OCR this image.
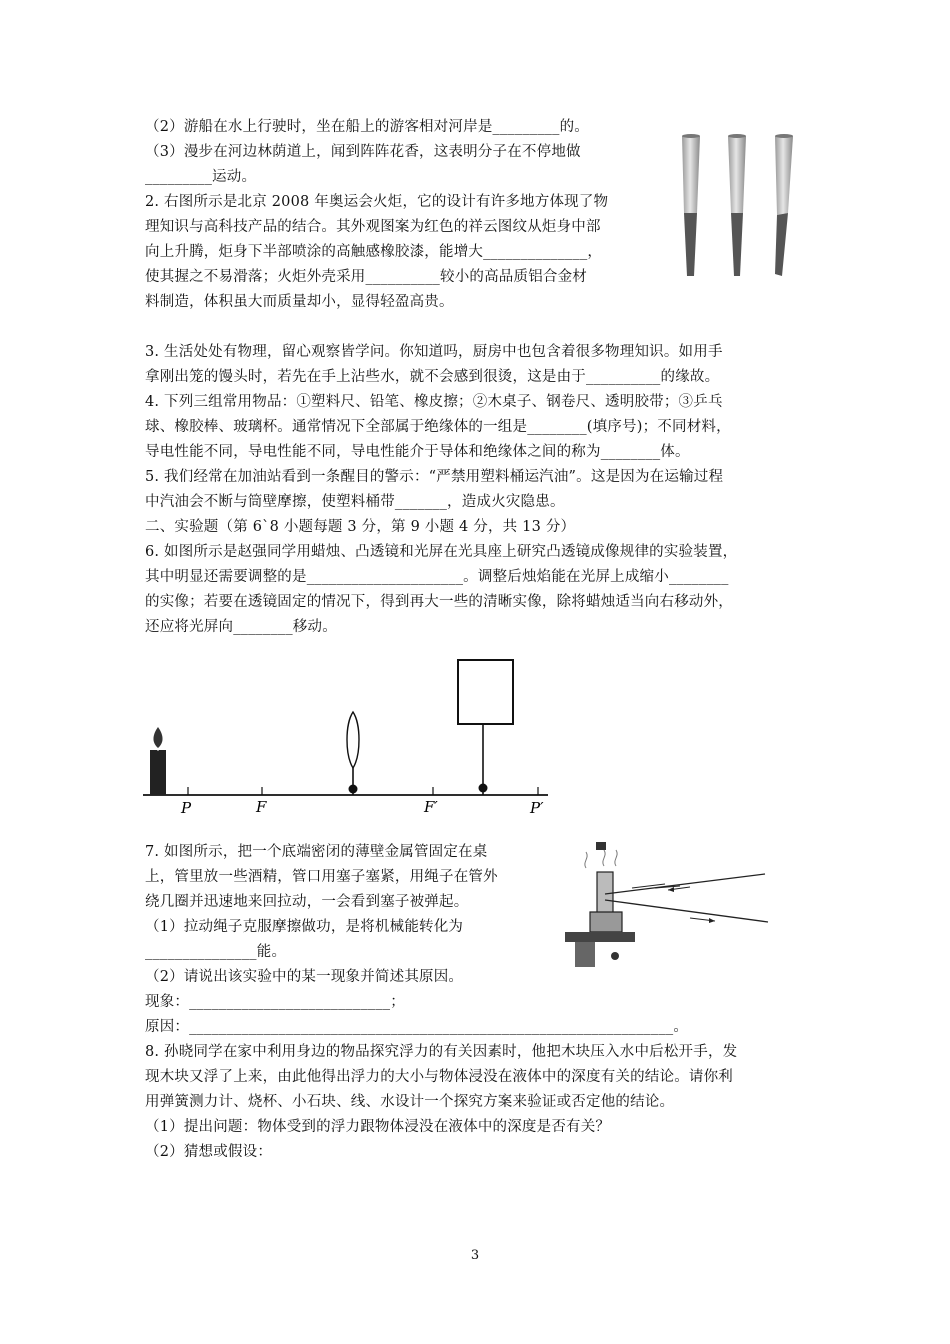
（2）游船在水上行驶时，坐在船上的游客相对河岸是_________的。
（3）漫步在河边林荫道上，闻到阵阵花香，这表明分子在不停地做
_________运动。
2. 右图所示是北京 2008 年奥运会火炬，它的设计有许多地方体现了物
理知识与高科技产品的结合。其外观图案为红色的祥云图纹从炬身中部
向上升腾，炬身下半部喷涂的高触感橡胶漆，能增大______________，
使其握之不易滑落；火炬外壳采用__________较小的高品质铝合金材
料制造，体积虽大而质量却小，显得轻盈高贵。
3. 生活处处有物理，留心观察皆学问。你知道吗，厨房中也包含着很多物理知识。如用手
拿刚出笼的馒头时，若先在手上沾些水，就不会感到很烫，这是由于__________的缘故。
4. 下列三组常用物品：①塑料尺、铅笔、橡皮擦；②木桌子、钢卷尺、透明胶带；③乒乓
球、橡胶棒、玻璃杯。通常情况下全部属于绝缘体的一组是________(填序号)；不同材料，
导电性能不同，导电性能不同，导电性能介于导体和绝缘体之间的称为________体。
5. 我们经常在加油站看到一条醒目的警示：“严禁用塑料桶运汽油”。这是因为在运输过程
中汽油会不断与筒壁摩擦，使塑料桶带_______，造成火灾隐患。
二、实验题（第 6`8 小题每题 3 分，第 9 小题 4 分，共 13 分）
6. 如图所示是赵强同学用蜡烛、凸透镜和光屏在光具座上研究凸透镜成像规律的实验装置，
其中明显还需要调整的是_____________________。调整后烛焰能在光屏上成缩小________
的实像；若要在透镜固定的情况下，得到再大一些的清晰实像，除将蜡烛适当向右移动外，
还应将光屏向________移动。
7. 如图所示，把一个底端密闭的薄壁金属管固定在桌
上，管里放一些酒精，管口用塞子塞紧，用绳子在管外
绕几圈并迅速地来回拉动，一会看到塞子被弹起。
（1）拉动绳子克服摩擦做功，是将机械能转化为
_______________能。
（2）请说出该实验中的某一现象并简述其原因。
现象：___________________________；
原因：_________________________________________________________________。
8. 孙晓同学在家中利用身边的物品探究浮力的有关因素时，他把木块压入水中后松开手，发
现木块又浮了上来，由此他得出浮力的大小与物体浸没在液体中的深度有关的结论。请你利
用弹簧测力计、烧杯、小石块、线、水设计一个探究方案来验证或否定他的结论。
（1）提出问题：物体受到的浮力跟物体浸没在液体中的深度是否有关？
（2）猜想或假设：
P	F	F′	P′
3
